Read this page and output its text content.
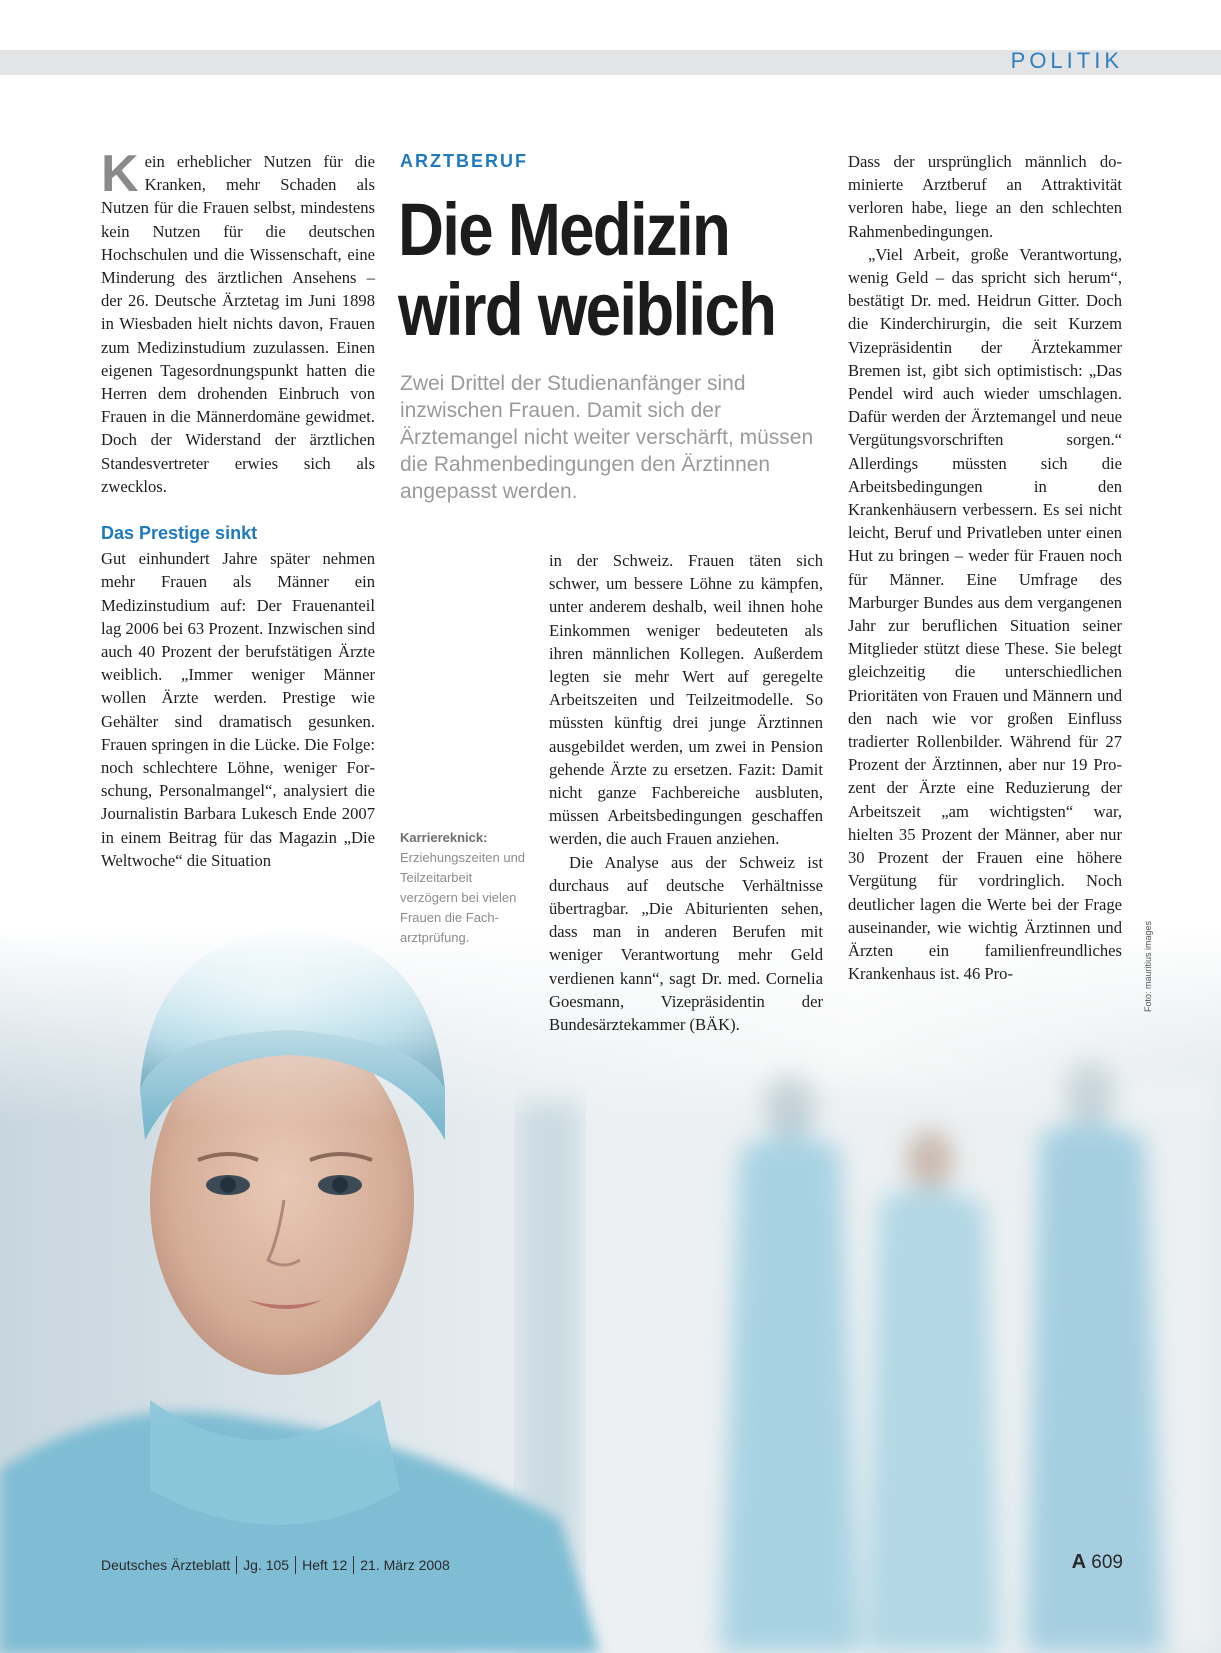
POLITIK

Kein erheblicher Nutzen für die Kranken, mehr Schaden als Nutzen für die Frauen selbst, mindestens kein Nutzen für die deutschen Hochschulen und die Wissenschaft, eine Minderung des ärztlichen Ansehens – der 26. Deutsche Ärztetag im Juni 1898 in Wiesbaden hielt nichts davon, Frauen zum Medizinstudium zuzulassen. Einen eigenen Tagesordnungspunkt hatten die Herren dem drohenden Einbruch von Frauen in die Männerdomäne gewidmet. Doch der Widerstand der ärztlichen Standesvertreter erwies sich als zwecklos.

Das Prestige sinkt

Gut einhundert Jahre später nehmen mehr Frauen als Männer ein Medizinstudium auf: Der Frauenanteil lag 2006 bei 63 Prozent. Inzwischen sind auch 40 Prozent der berufstätigen Ärzte weiblich. „Immer weniger Männer wollen Ärzte werden. Prestige wie Gehälter sind dramatisch gesunken. Frauen springen in die Lücke. Die Folge: noch schlechtere Löhne, weniger Forschung, Personalmangel“, analysiert die Journalistin Barbara Lukesch Ende 2007 in einem Beitrag für das Magazin „Die Weltwoche“ die Situation

ARZTBERUF
Die Medizin
wird weiblich

Zwei Drittel der Studienanfänger sind inzwischen Frauen. Damit sich der Ärztemangel nicht weiter verschärft, müssen die Rahmenbedingungen den Ärztinnen angepasst werden.

Karriereknick:
Erziehungszeiten und Teilzeitarbeit verzögern bei vielen Frauen die Facharztprüfung.

in der Schweiz. Frauen täten sich schwer, um bessere Löhne zu kämpfen, unter anderem deshalb, weil ihnen hohe Einkommen weniger bedeuteten als ihren männlichen Kollegen. Außerdem legten sie mehr Wert auf geregelte Arbeitszeiten und Teilzeitmodelle. So müssten künftig drei junge Ärztinnen ausgebildet werden, um zwei in Pension gehende Ärzte zu ersetzen. Fazit: Damit nicht ganze Fachbereiche ausbluten, müssen Arbeitsbedingungen geschaffen werden, die auch Frauen anziehen.

Die Analyse aus der Schweiz ist durchaus auf deutsche Verhältnisse übertragbar. „Die Abiturienten sehen, dass man in anderen Berufen mit weniger Verantwortung mehr Geld verdienen kann“, sagt Dr. med. Cornelia Goesmann, Vizepräsidentin der Bundesärztekammer (BÄK).

Dass der ursprünglich männlich dominierte Arztberuf an Attraktivität verloren habe, liege an den schlechten Rahmenbedingungen.

„Viel Arbeit, große Verantwortung, wenig Geld – das spricht sich herum“, bestätigt Dr. med. Heidrun Gitter. Doch die Kinderchirurgin, die seit Kurzem Vizepräsidentin der Ärztekammer Bremen ist, gibt sich optimistisch: „Das Pendel wird auch wieder umschlagen. Dafür werden der Ärztemangel und neue Vergütungsvorschriften sorgen.“ Allerdings müssten sich die Arbeitsbedingungen in den Krankenhäusern verbessern. Es sei nicht leicht, Beruf und Privatleben unter einen Hut zu bringen – weder für Frauen noch für Männer. Eine Umfrage des Marburger Bundes aus dem vergangenen Jahr zur beruflichen Situation seiner Mitglieder stützt diese These. Sie belegt gleichzeitig die unterschiedlichen Prioritäten von Frauen und Männern und den nach wie vor großen Einfluss tradierter Rollenbilder. Während für 27 Prozent der Ärztinnen, aber nur 19 Prozent der Ärzte eine Reduzierung der Arbeitszeit „am wichtigsten“ war, hielten 35 Prozent der Männer, aber nur 30 Prozent der Frauen eine höhere Vergütung für vordringlich. Noch deutlicher lagen die Werte bei der Frage auseinander, wie wichtig Ärztinnen und Ärzten ein familienfreundliches Krankenhaus ist. 46 Pro-	Foto: mauritius images
Deutsches Ärzteblatt Jg. 105 Heft 12 21. März 2008	A 609
